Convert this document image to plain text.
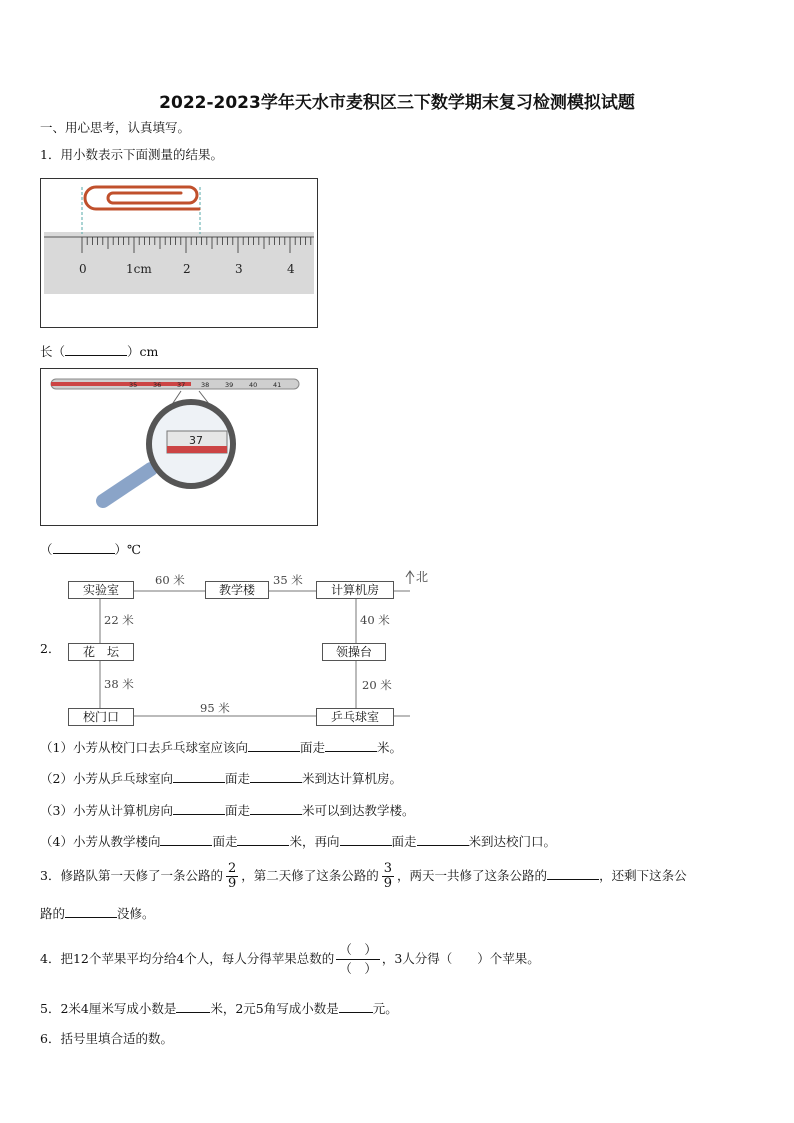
2022-2023学年天水市麦积区三下数学期末复习检测模拟试题
一、用心思考，认真填写。
1．用小数表示下面测量的结果。
0	1cm	2	3	4
长（	）cm
35 36 37 38 39 40 41
37
（	）℃
2．
北
实验室	教学楼	计算机房
花　坛	领操台
校门口	乒乓球室
60 米	35 米
22 米	40 米
38 米	20 米
95 米
（1）小芳从校门口去乒乓球室应该向	面走	米。
（2）小芳从乒乓球室向	面走	米到达计算机房。
（3）小芳从计算机房向	面走	米可以到达教学楼。
（4）小芳从教学楼向	面走	米，再向	面走	米到达校门口。
3．修路队第一天修了一条公路的 $\frac{2}{9}$ ，第二天修了这条公路的 $\frac{3}{9}$ ，两天一共修了这条公路的	，还剩下这条公
路的	没修。
4．把12个苹果平均分给4个人，每人分得苹果总数的 $\frac{( )}{( )}$ ，3人分得（　　）个苹果。
5．2米4厘米写成小数是	米，2元5角写成小数是	元。
6．括号里填合适的数。
